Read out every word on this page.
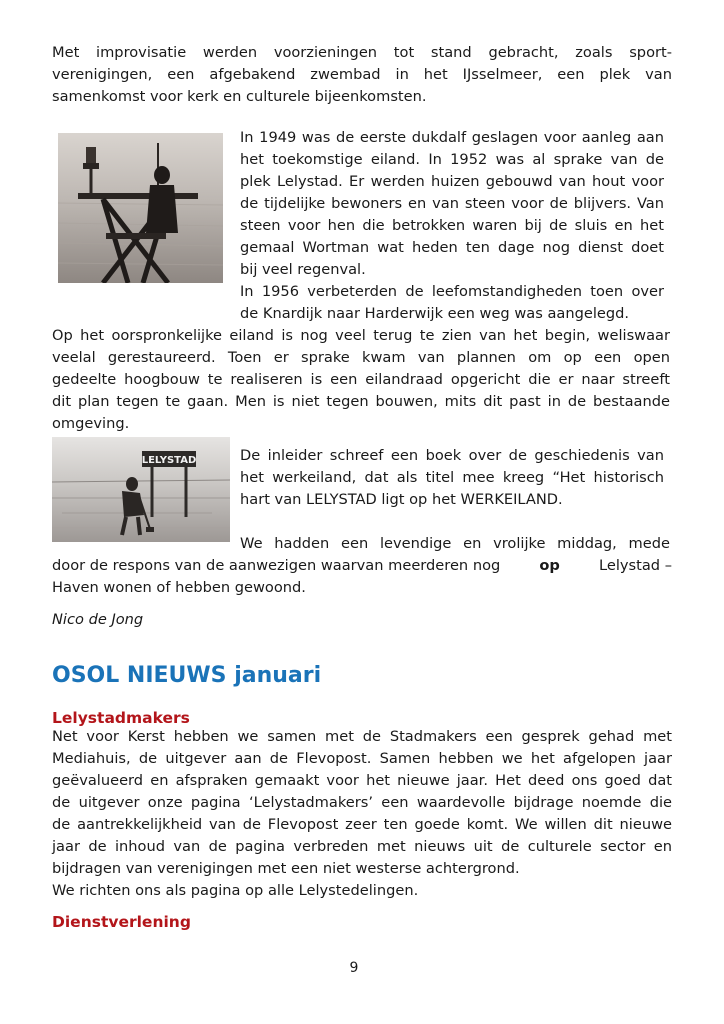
Met improvisatie werden voorzieningen tot stand gebracht, zoals sport-
verenigingen, een afgebakend zwembad in het IJsselmeer, een plek van
samenkomst voor kerk en culturele bijeenkomsten.
In 1949 was de eerste dukdalf geslagen voor aanleg aan
het toekomstige eiland. In 1952 was al sprake van de
plek Lelystad. Er werden huizen gebouwd van hout voor
de tijdelijke bewoners en van steen voor de blijvers. Van
steen voor hen die betrokken waren bij de sluis en het
gemaal Wortman wat heden ten dage nog dienst doet
bij veel regenval.
In 1956 verbeterden de leefomstandigheden toen over
de Knardijk naar Harderwijk een weg was aangelegd.
Op het oorspronkelijke eiland is nog veel terug te zien van het begin, weliswaar
veelal gerestaureerd. Toen er sprake kwam van plannen om op een open
gedeelte hoogbouw te realiseren is een eilandraad opgericht die er naar streeft
dit plan tegen te gaan. Men is niet tegen bouwen, mits dit past in de bestaande
omgeving.
LELYSTAD	De inleider schreef een boek over de geschiedenis van
het werkeiland, dat als titel mee kreeg “Het historisch
hart van LELYSTAD ligt op het WERKEILAND.
We hadden een levendige en vrolijke middag, mede
door de respons van de aanwezigen waarvan meerderen nog	op	Lelystad –
Haven wonen of hebben gewoond.
Nico de Jong
OSOL NIEUWS januari
Lelystadmakers
Net voor Kerst hebben we samen met de Stadmakers een gesprek gehad met
Mediahuis, de uitgever aan de Flevopost. Samen hebben we het afgelopen jaar
geëvalueerd en afspraken gemaakt voor het nieuwe jaar. Het deed ons goed dat
de uitgever onze pagina ‘Lelystadmakers’ een waardevolle bijdrage noemde die
de aantrekkelijkheid van de Flevopost zeer ten goede komt. We willen dit nieuwe
jaar de inhoud van de pagina verbreden met nieuws uit de culturele sector en
bijdragen van verenigingen met een niet westerse achtergrond.
We richten ons als pagina op alle Lelystedelingen.
Dienstverlening
9
